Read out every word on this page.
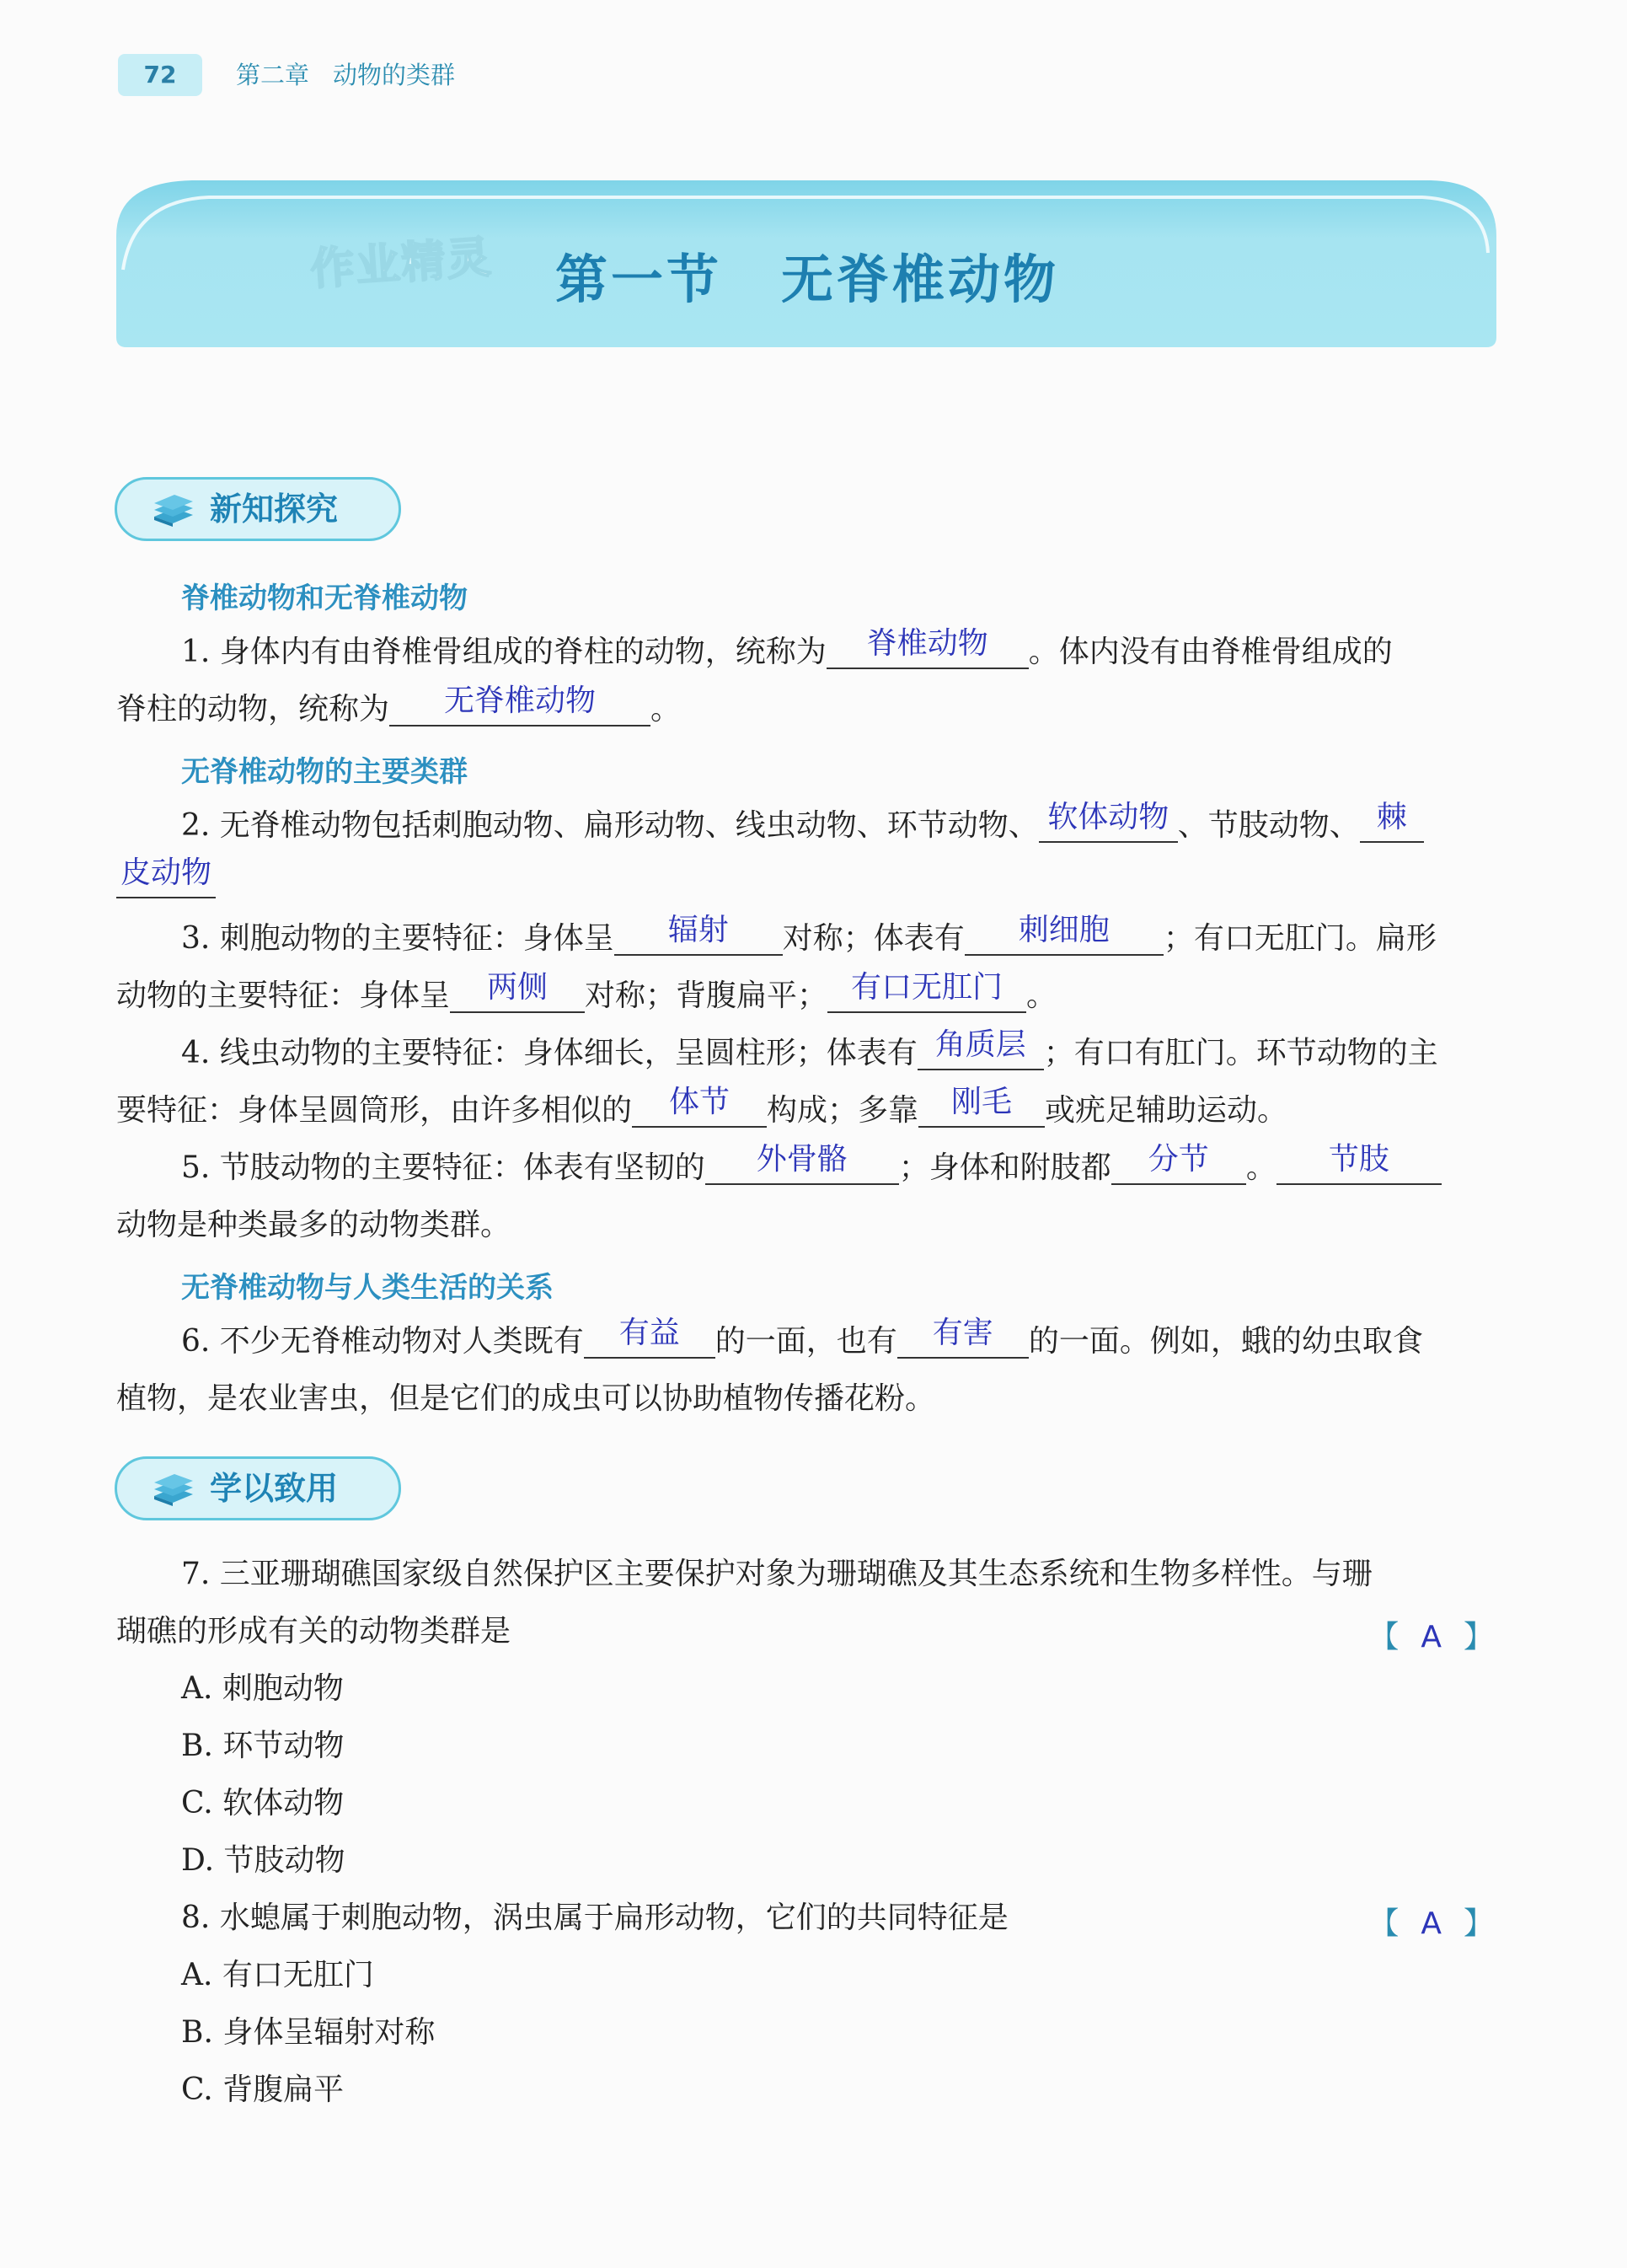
72	第二章 动物的类群
作业精灵	第一节 无脊椎动物
新知探究
脊椎动物和无脊椎动物
1. 身体内有由脊椎骨组成的脊柱的动物，统称为 脊椎动物 。体内没有由脊椎骨组成的
脊柱的动物，统称为 无脊椎动物 。
无脊椎动物的主要类群
2. 无脊椎动物包括刺胞动物、扁形动物、线虫动物、环节动物、 软体动物 、节肢动物、 棘
皮动物
3. 刺胞动物的主要特征：身体呈 辐射 对称；体表有 刺细胞 ；有口无肛门。扁形
动物的主要特征：身体呈 两侧 对称；背腹扁平； 有口无肛门 。
4. 线虫动物的主要特征：身体细长，呈圆柱形；体表有 角质层 ；有口有肛门。环节动物的主
要特征：身体呈圆筒形，由许多相似的 体节 构成；多靠 刚毛 或疣足辅助运动。
5. 节肢动物的主要特征：体表有坚韧的 外骨骼 ；身体和附肢都 分节 。 节肢
动物是种类最多的动物类群。
无脊椎动物与人类生活的关系
6. 不少无脊椎动物对人类既有 有益 的一面，也有 有害 的一面。例如，蛾的幼虫取食
植物，是农业害虫，但是它们的成虫可以协助植物传播花粉。
学以致用
7. 三亚珊瑚礁国家级自然保护区主要保护对象为珊瑚礁及其生态系统和生物多样性。与珊
瑚礁的形成有关的动物类群是	【 A 】
A. 刺胞动物
B. 环节动物
C. 软体动物
D. 节肢动物
8. 水螅属于刺胞动物，涡虫属于扁形动物，它们的共同特征是	【 A 】
A. 有口无肛门
B. 身体呈辐射对称
C. 背腹扁平
